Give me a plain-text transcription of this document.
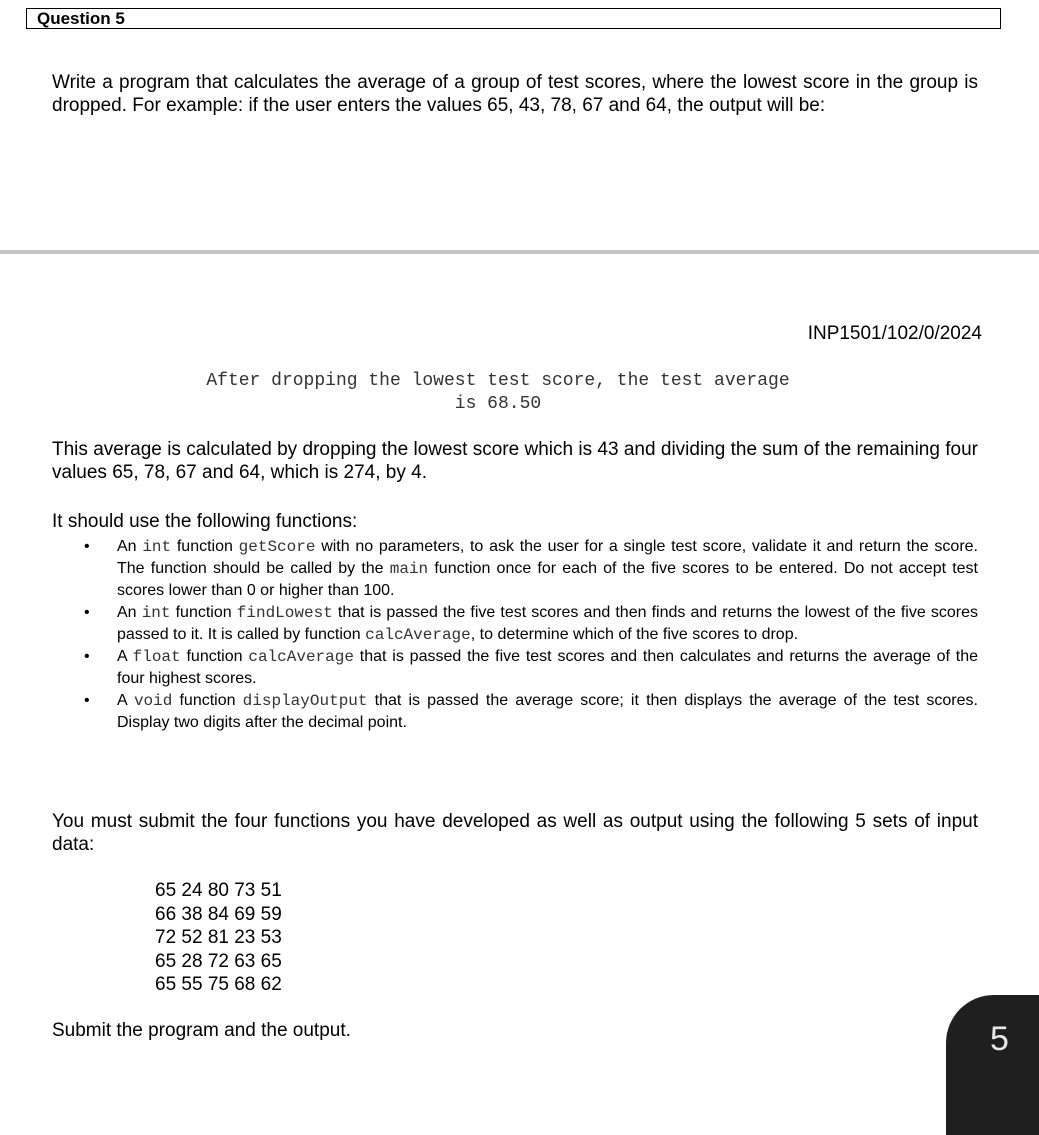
Question 5

Write a program that calculates the average of a group of test scores, where the lowest score in the group is dropped. For example: if the user enters the values 65, 43, 78, 67 and 64, the output will be:

INP1501/102/0/2024
After dropping the lowest test score, the test average
is 68.50

This average is calculated by dropping the lowest score which is 43 and dividing the sum of the remaining four values 65, 78, 67 and 64, which is 274, by 4.

It should use the following functions:

• An int function getScore with no parameters, to ask the user for a single test score, validate it and return the score. The function should be called by the main function once for each of the five scores to be entered. Do not accept test scores lower than 0 or higher than 100.
• An int function findLowest that is passed the five test scores and then finds and returns the lowest of the five scores passed to it. It is called by function calcAverage, to determine which of the five scores to drop.
• A float function calcAverage that is passed the five test scores and then calculates and returns the average of the four highest scores.
• A void function displayOutput that is passed the average score; it then displays the average of the test scores. Display two digits after the decimal point.

You must submit the four functions you have developed as well as output using the following 5 sets of input data:

65 24 80 73 51
66 38 84 69 59
72 52 81 23 53
65 28 72 63 65
65 55 75 68 62

Submit the program and the output.	5
